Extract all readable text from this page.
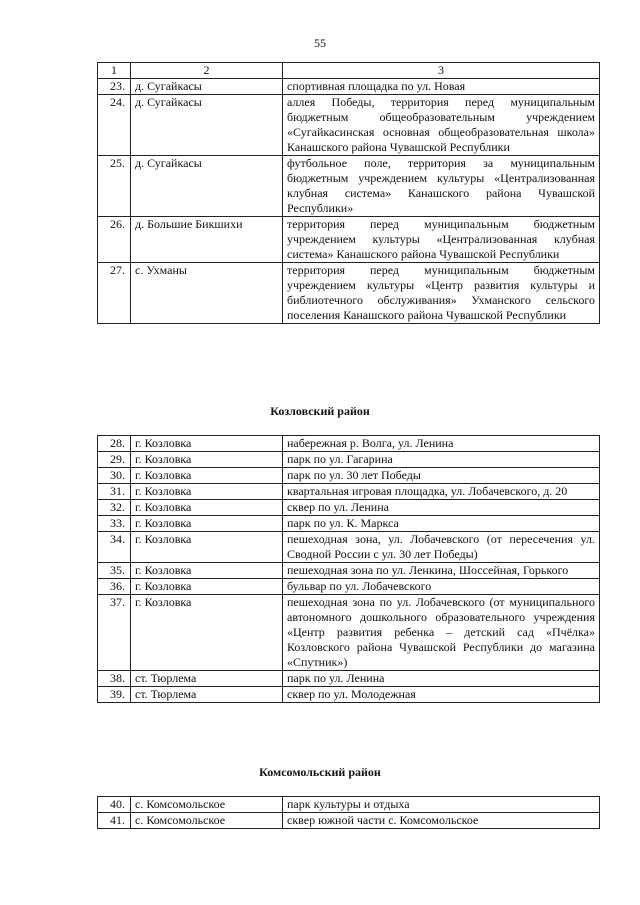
55
1	2	3
23.	д. Сугайкасы	спортивная площадка по ул. Новая
24.	д. Сугайкасы	аллея Победы, территория перед муниципальным бюджетным общеобразовательным учреждением «Сугайкасинская основная общеобразовательная школа» Канашского района Чувашской Республики
25.	д. Сугайкасы	футбольное поле, территория за муниципальным бюджетным учреждением культуры «Централизованная клубная система» Канашского района Чувашской Республики»
26.	д. Большие Бикшихи	территория перед муниципальным бюджетным учреждением культуры «Централизованная клубная система» Канашского района Чувашской Республики
27.	с. Ухманы	территория перед муниципальным бюджетным учреждением культуры «Центр развития культуры и библиотечного обслуживания» Ухманского сельского поселения Канашского района Чувашской Республики
Козловский район
28.	г. Козловка	набережная р. Волга, ул. Ленина
29.	г. Козловка	парк по ул. Гагарина
30.	г. Козловка	парк по ул. 30 лет Победы
31.	г. Козловка	квартальная игровая площадка, ул. Лобачевского, д. 20
32.	г. Козловка	сквер по ул. Ленина
33.	г. Козловка	парк по ул. К. Маркса
34.	г. Козловка	пешеходная зона, ул. Лобачевского (от пересечения ул. Сводной России с ул. 30 лет Победы)
35.	г. Козловка	пешеходная зона по ул. Ленкина, Шоссейная, Горького
36.	г. Козловка	бульвар по ул. Лобачевского
37.	г. Козловка	пешеходная зона по ул. Лобачевского (от муниципального автономного дошкольного образовательного учреждения «Центр развития ребенка – детский сад «Пчёлка» Козловского района Чувашской Республики до магазина «Спутник»)
38.	ст. Тюрлема	парк по ул. Ленина
39.	ст. Тюрлема	сквер по ул. Молодежная
Комсомольский район
40.	с. Комсомольское	парк культуры и отдыха
41.	с. Комсомольское	сквер южной части с. Комсомольское
